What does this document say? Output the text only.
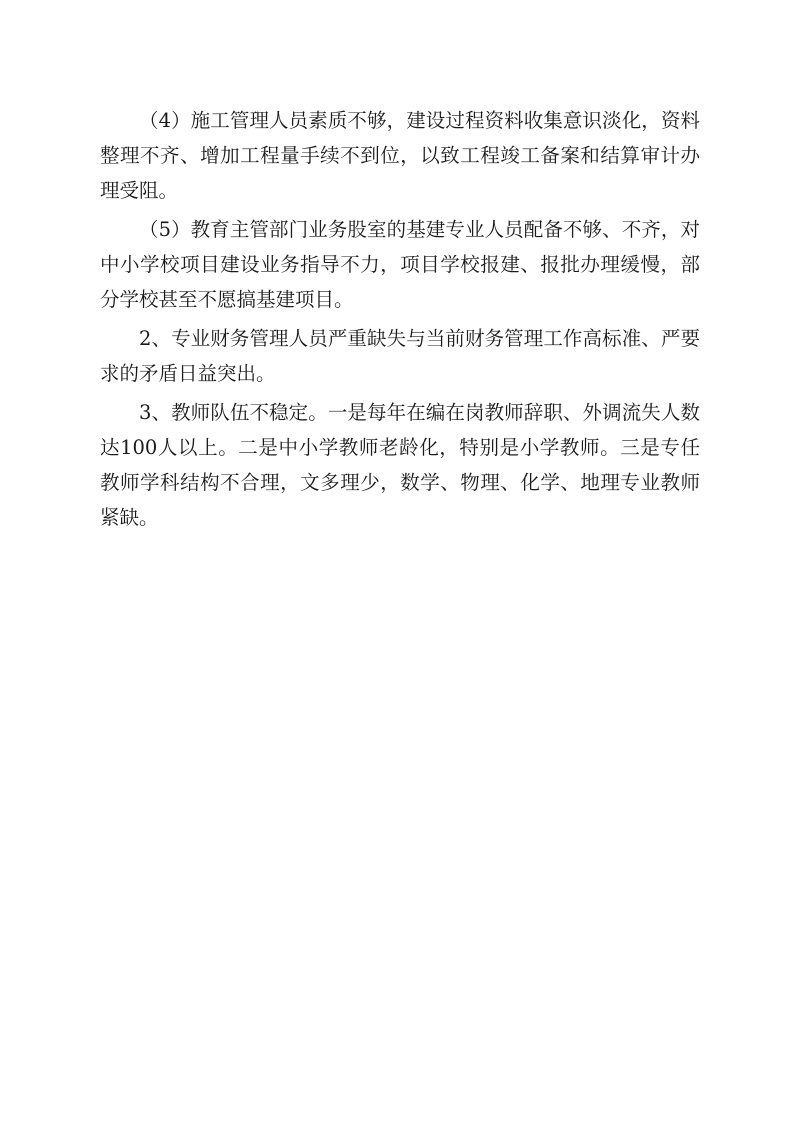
（4）施工管理人员素质不够，建设过程资料收集意识淡化，资料整理不齐、增加工程量手续不到位，以致工程竣工备案和结算审计办理受阻。

（5）教育主管部门业务股室的基建专业人员配备不够、不齐，对中小学校项目建设业务指导不力，项目学校报建、报批办理缓慢，部分学校甚至不愿搞基建项目。

2、专业财务管理人员严重缺失与当前财务管理工作高标准、严要求的矛盾日益突出。

3、教师队伍不稳定。一是每年在编在岗教师辞职、外调流失人数达100人以上。二是中小学教师老龄化，特别是小学教师。三是专任教师学科结构不合理，文多理少，数学、物理、化学、地理专业教师紧缺。
